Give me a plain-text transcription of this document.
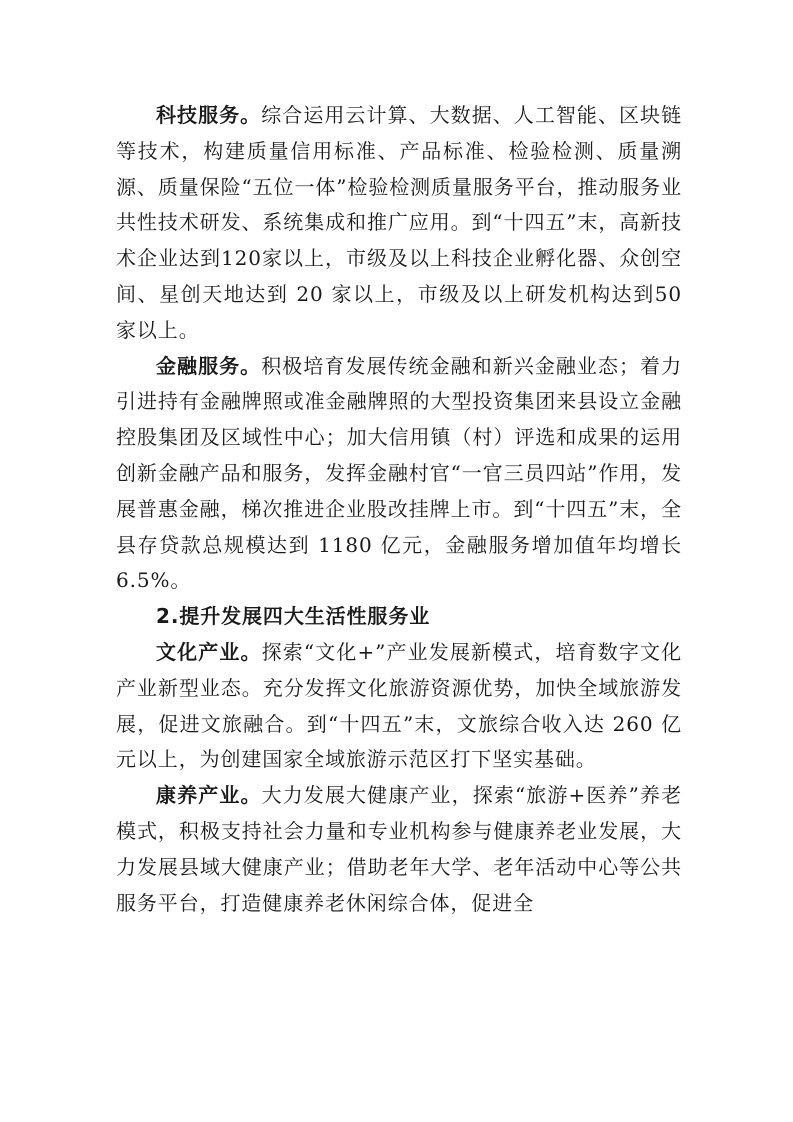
科技服务。综合运用云计算、大数据、人工智能、区块链等技术，构建质量信用标准、产品标准、检验检测、质量溯源、质量保险“五位一体”检验检测质量服务平台，推动服务业共性技术研发、系统集成和推广应用。到“十四五”末，高新技术企业达到120家以上，市级及以上科技企业孵化器、众创空间、星创天地达到 20 家以上，市级及以上研发机构达到50家以上。

金融服务。积极培育发展传统金融和新兴金融业态；着力引进持有金融牌照或准金融牌照的大型投资集团来县设立金融控股集团及区域性中心；加大信用镇（村）评选和成果的运用创新金融产品和服务，发挥金融村官“一官三员四站”作用，发展普惠金融，梯次推进企业股改挂牌上市。到“十四五”末，全县存贷款总规模达到 1180 亿元，金融服务增加值年均增长 6.5%。

2.提升发展四大生活性服务业

文化产业。探索“文化+”产业发展新模式，培育数字文化产业新型业态。充分发挥文化旅游资源优势，加快全域旅游发展，促进文旅融合。到“十四五”末，文旅综合收入达 260 亿元以上，为创建国家全域旅游示范区打下坚实基础。

康养产业。大力发展大健康产业，探索“旅游+医养”养老模式，积极支持社会力量和专业机构参与健康养老业发展，大力发展县域大健康产业；借助老年大学、老年活动中心等公共服务平台，打造健康养老休闲综合体，促进全
